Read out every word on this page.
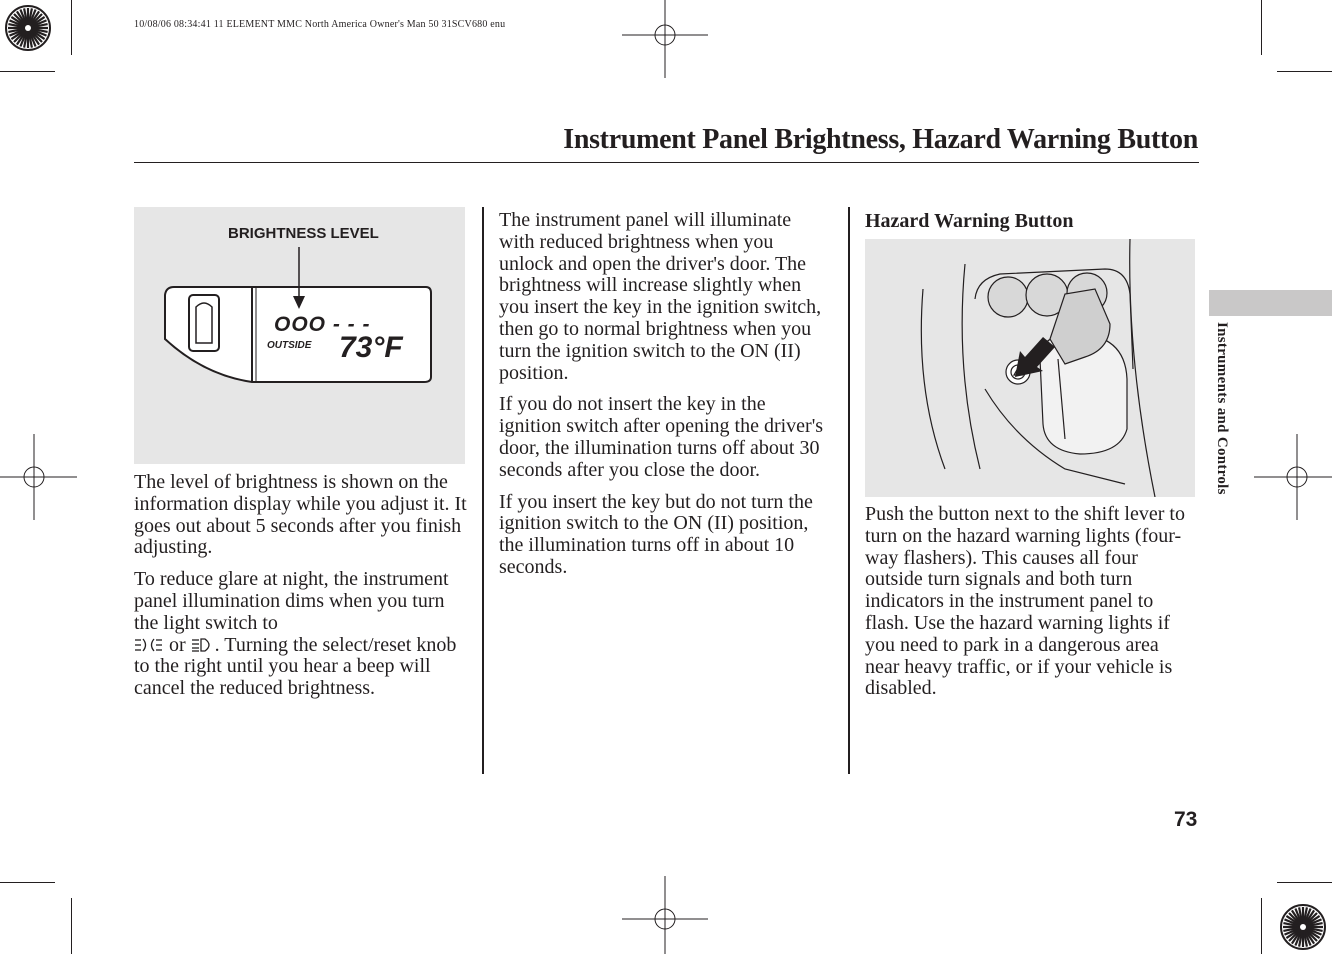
10/08/06 08:34:41 11 ELEMENT MMC North America Owner's Man 50 31SCV680 enu
Instrument Panel Brightness, Hazard Warning Button
BRIGHTNESS LEVEL
OOO - - -
OUTSIDE 73°F

The level of brightness is shown on the information display while you adjust it. It goes out about 5 seconds after you finish adjusting.

To reduce glare at night, the instrument panel illumination dims when you turn the light switch to
or . Turning the select/reset knob to the right until you hear a beep will cancel the reduced brightness.

The instrument panel will illuminate with reduced brightness when you unlock and open the driver's door. The brightness will increase slightly when you insert the key in the ignition switch, then go to normal brightness when you turn the ignition switch to the ON (II) position.

If you do not insert the key in the ignition switch after opening the driver's door, the illumination turns off about 30 seconds after you close the door.

If you insert the key but do not turn the ignition switch to the ON (II) position, the illumination turns off in about 10 seconds.

Hazard Warning Button

Push the button next to the shift lever to turn on the hazard warning lights (four-way flashers). This causes all four outside turn signals and both turn indicators in the instrument panel to flash. Use the hazard warning lights if you need to park in a dangerous area near heavy traffic, or if your vehicle is disabled.

Instruments and Controls
73
